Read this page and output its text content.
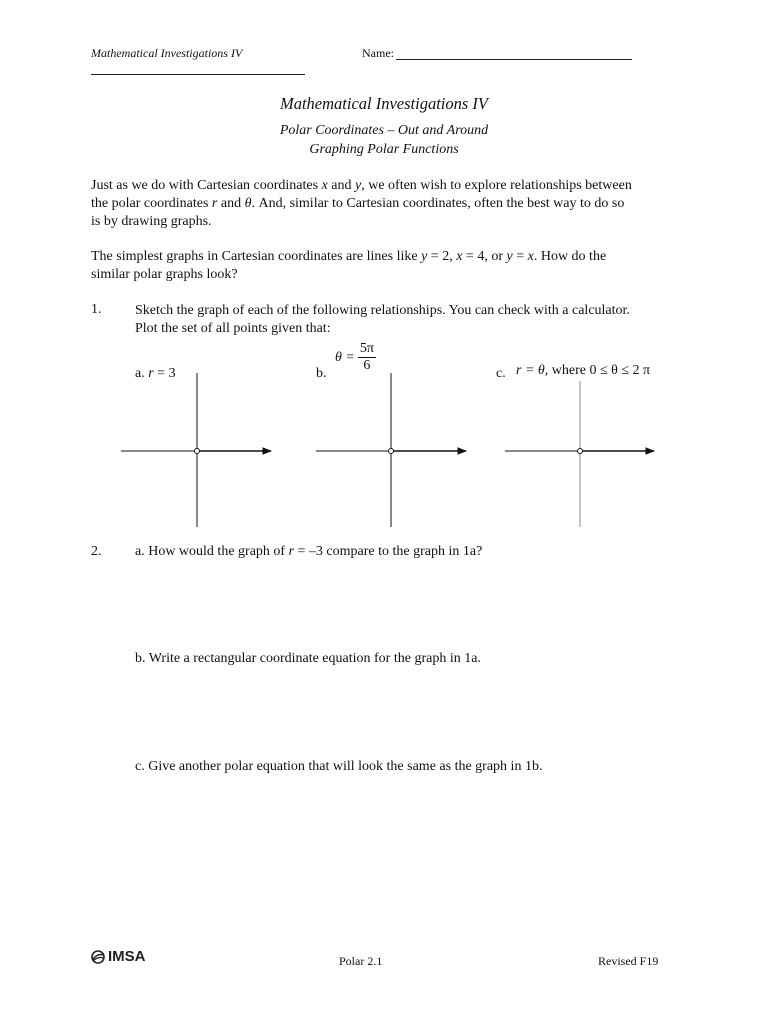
Mathematical Investigations IV	Name:
Mathematical Investigations IV
Polar Coordinates – Out and Around
Graphing Polar Functions
Just as we do with Cartesian coordinates x and y, we often wish to explore relationships between
the polar coordinates r and θ. And, similar to Cartesian coordinates, often the best way to do so
is by drawing graphs.
The simplest graphs in Cartesian coordinates are lines like y = 2, x = 4, or y = x. How do the
similar polar graphs look?
1. Sketch the graph of each of the following relationships. You can check with a calculator.
Plot the set of all points given that:
a. r = 3	b.
$\theta = \frac{5\pi}{6}$	c. r = θ, where 0 ≤ θ ≤ 2 π
2. a. How would the graph of r = –3 compare to the graph in 1a?
b. Write a rectangular coordinate equation for the graph in 1a.
c. Give another polar equation that will look the same as the graph in 1b.
IMSA	Polar 2.1	Revised F19
